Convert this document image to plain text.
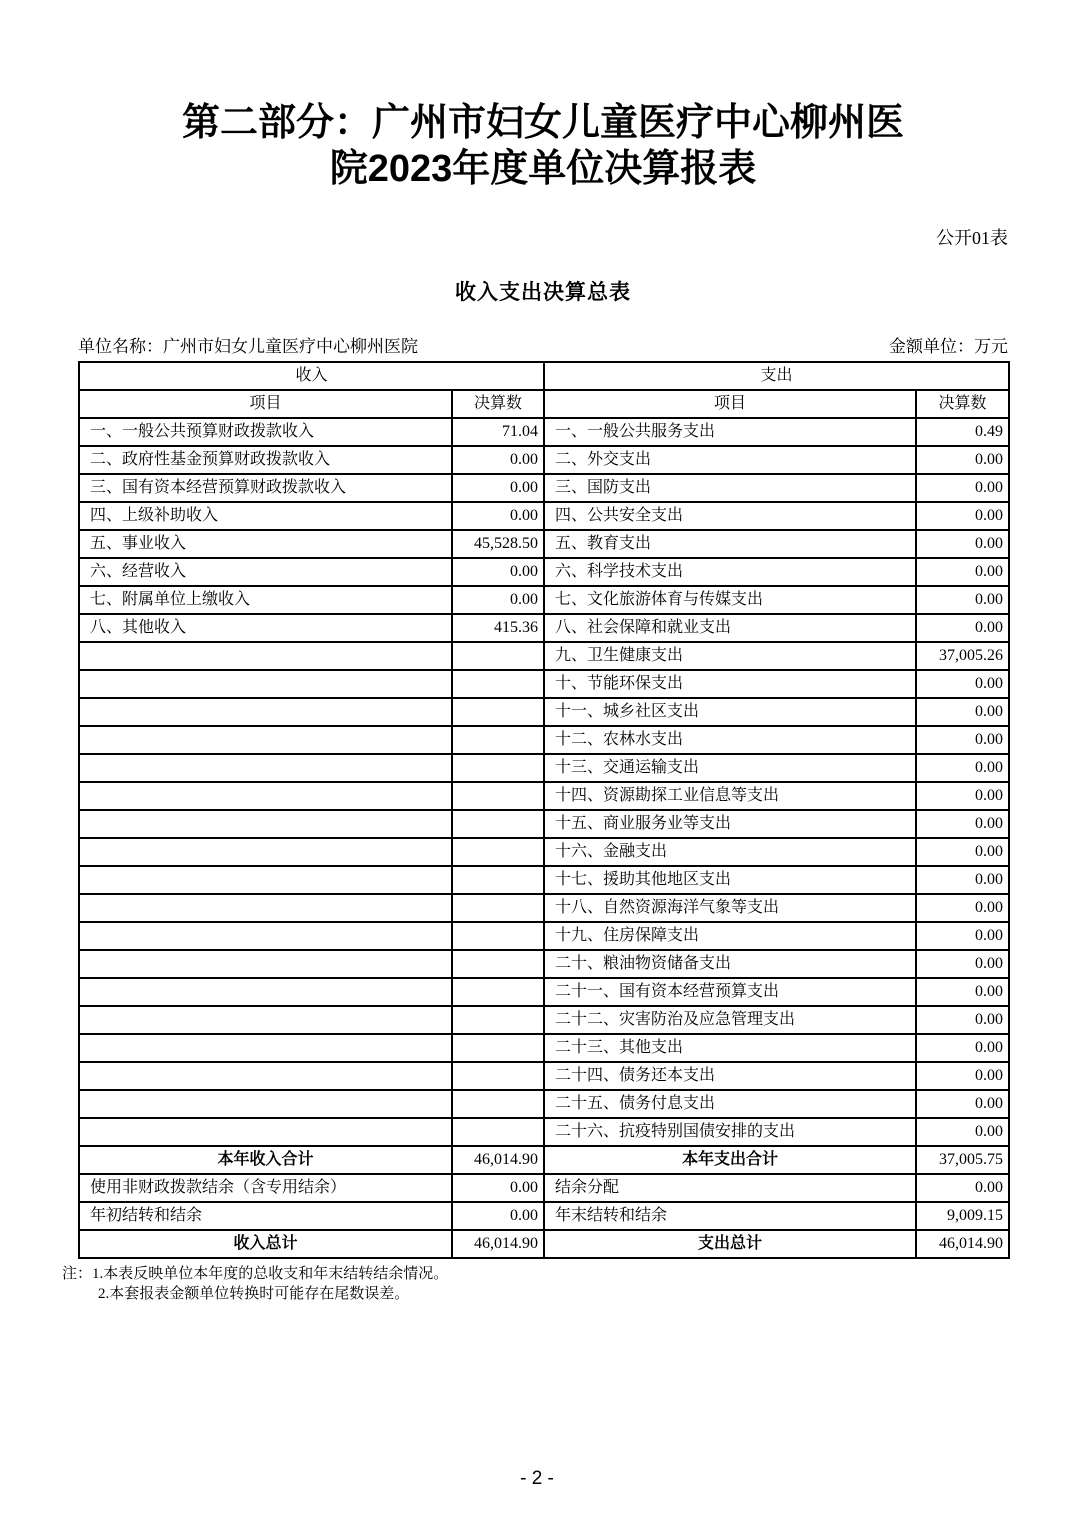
第二部分：广州市妇女儿童医疗中心柳州医院2023年度单位决算报表
公开01表
收入支出决算总表
单位名称：广州市妇女儿童医疗中心柳州医院	金额单位：万元
收入		支出	
项目	决算数	项目	决算数
一、一般公共预算财政拨款收入	71.04	一、一般公共服务支出	0.49
二、政府性基金预算财政拨款收入	0.00	二、外交支出	0.00
三、国有资本经营预算财政拨款收入	0.00	三、国防支出	0.00
四、上级补助收入	0.00	四、公共安全支出	0.00
五、事业收入	45,528.50	五、教育支出	0.00
六、经营收入	0.00	六、科学技术支出	0.00
七、附属单位上缴收入	0.00	七、文化旅游体育与传媒支出	0.00
八、其他收入	415.36	八、社会保障和就业支出	0.00
		九、卫生健康支出	37,005.26
		十、节能环保支出	0.00
		十一、城乡社区支出	0.00
		十二、农林水支出	0.00
		十三、交通运输支出	0.00
		十四、资源勘探工业信息等支出	0.00
		十五、商业服务业等支出	0.00
		十六、金融支出	0.00
		十七、援助其他地区支出	0.00
		十八、自然资源海洋气象等支出	0.00
		十九、住房保障支出	0.00
		二十、粮油物资储备支出	0.00
		二十一、国有资本经营预算支出	0.00
		二十二、灾害防治及应急管理支出	0.00
		二十三、其他支出	0.00
		二十四、债务还本支出	0.00
		二十五、债务付息支出	0.00
		二十六、抗疫特别国债安排的支出	0.00
本年收入合计	46,014.90	本年支出合计	37,005.75
使用非财政拨款结余（含专用结余）	0.00	结余分配	0.00
年初结转和结余	0.00	年末结转和结余	9,009.15
收入总计	46,014.90	支出总计	46,014.90
注：1.本表反映单位本年度的总收支和年末结转结余情况。
2.本套报表金额单位转换时可能存在尾数误差。
- 2 -
